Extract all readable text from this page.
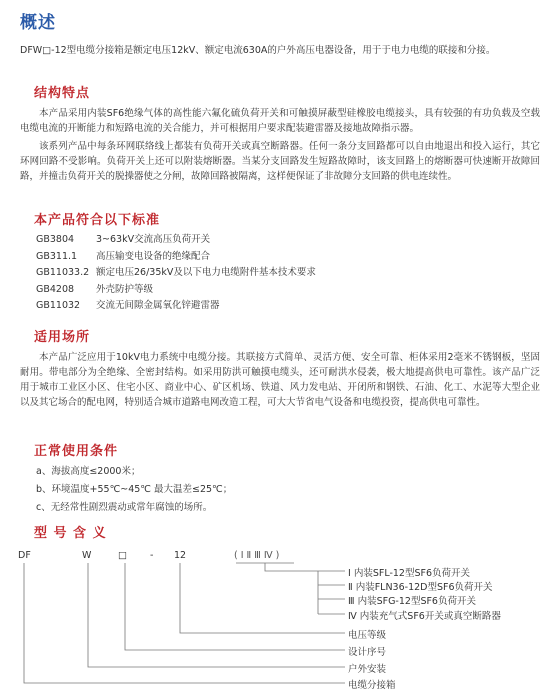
概述
DFW□-12型电缆分接箱是额定电压12kV、额定电流630A的户外高压电器设备，用于于电力电缆的联接和分接。
结构特点
本产品采用内装SF6绝缘气体的高性能六氟化硫负荷开关和可触摸屏蔽型硅橡胶电缆接头，具有较强的有功负载及空载电缆电流的开断能力和短路电流的关合能力，并可根据用户要求配装避雷器及接地故障指示器。
该系列产品中每条环网联络线上都装有负荷开关或真空断路器。任何一条分支回路都可以自由地退出和投入运行，其它环网回路不受影响。负荷开关上还可以附装熔断器。当某分支回路发生短路故障时，该支回路上的熔断器可快速断开故障回路，并撞击负荷开关的脱操器使之分闸，故障回路被隔离，这样便保证了非故障分支回路的供电连续性。
本产品符合以下标准
GB3804 3~63kV交流高压负荷开关
GB311.1 高压输变电设备的绝缘配合
GB11033.2 额定电压26/35kV及以下电力电缆附件基本技术要求
GB4208 外壳防护等级
GB11032 交流无间隙金属氧化锌避雷器
适用场所
本产品广泛应用于10kV电力系统中电缆分接。其联接方式简单、灵活方便、安全可靠、柜体采用2毫米不锈钢板，坚固耐用。带电部分为全绝缘、全密封结构。如采用防洪可触摸电缆头，还可耐洪水侵袭，极大地提高供电可靠性。该产品广泛用于城市工业区小区、住宅小区、商业中心、矿区机场、铁道、风力发电站、开闭所和钢铁、石油、化工、水泥等大型企业以及其它场合的配电网，特别适合城市道路电网改造工程，可大大节省电气设备和电缆投资，提高供电可靠性。
正常使用条件
a、海拔高度≤2000米；
b、环境温度+55℃~45℃ 最大温差≤25℃；
c、无经常性剧烈震动或常年腐蚀的场所。
型 号 含 义
DF	W	□ - 12	( Ⅰ Ⅱ Ⅲ Ⅳ )
Ⅰ 内装SFL-12型SF6负荷开关
Ⅱ 内装FLN36-12D型SF6负荷开关
Ⅲ 内装SFG-12型SF6负荷开关
Ⅳ 内装充气式SF6开关或真空断路器
电压等级
设计序号
户外安装
电缆分接箱
